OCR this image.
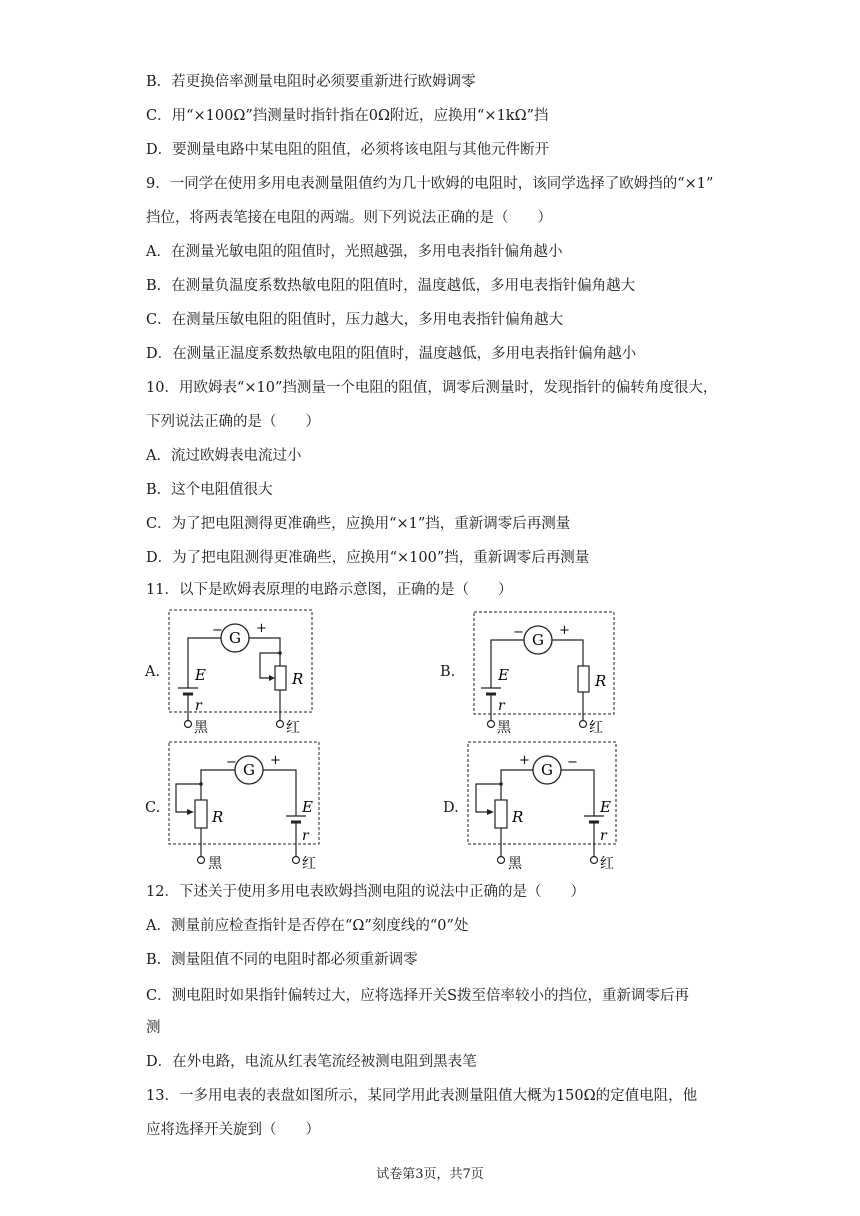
B．若更换倍率测量电阻时必须要重新进行欧姆调零
C．用“×100Ω”挡测量时指针指在0Ω附近，应换用“×1kΩ”挡
D．要测量电路中某电阻的阻值，必须将该电阻与其他元件断开
9．一同学在使用多用电表测量阻值约为几十欧姆的电阻时，该同学选择了欧姆挡的“×1”
挡位，将两表笔接在电阻的两端。则下列说法正确的是（　　）
A．在测量光敏电阻的阻值时，光照越强，多用电表指针偏角越小
B．在测量负温度系数热敏电阻的阻值时，温度越低，多用电表指针偏角越大
C．在测量压敏电阻的阻值时，压力越大，多用电表指针偏角越大
D．在测量正温度系数热敏电阻的阻值时，温度越低，多用电表指针偏角越小
10．用欧姆表“×10”挡测量一个电阻的阻值，调零后测量时，发现指针的偏转角度很大，
下列说法正确的是（　　）
A．流过欧姆表电流过小
B．这个电阻值很大
C．为了把电阻测得更准确些，应换用“×1”挡，重新调零后再测量
D．为了把电阻测得更准确些，应换用“×100”挡，重新调零后再测量
11．以下是欧姆表原理的电路示意图，正确的是（　　）
A.	B.
C.	D.
G
−	+
E
r
R
黑	红
G
−	+
E
r
R
黑	红
G
−	+
R
E
r
黑	红
G
+	−
R
E
r
黑	红
12．下述关于使用多用电表欧姆挡测电阻的说法中正确的是（　　）
A．测量前应检查指针是否停在“Ω”刻度线的“0”处
B．测量阻值不同的电阻时都必须重新调零
C．测电阻时如果指针偏转过大，应将选择开关S拨至倍率较小的挡位，重新调零后再
测
D．在外电路，电流从红表笔流经被测电阻到黑表笔
13．一多用电表的表盘如图所示，某同学用此表测量阻值大概为150Ω的定值电阻，他
应将选择开关旋到（　　）
试卷第3页，共7页
